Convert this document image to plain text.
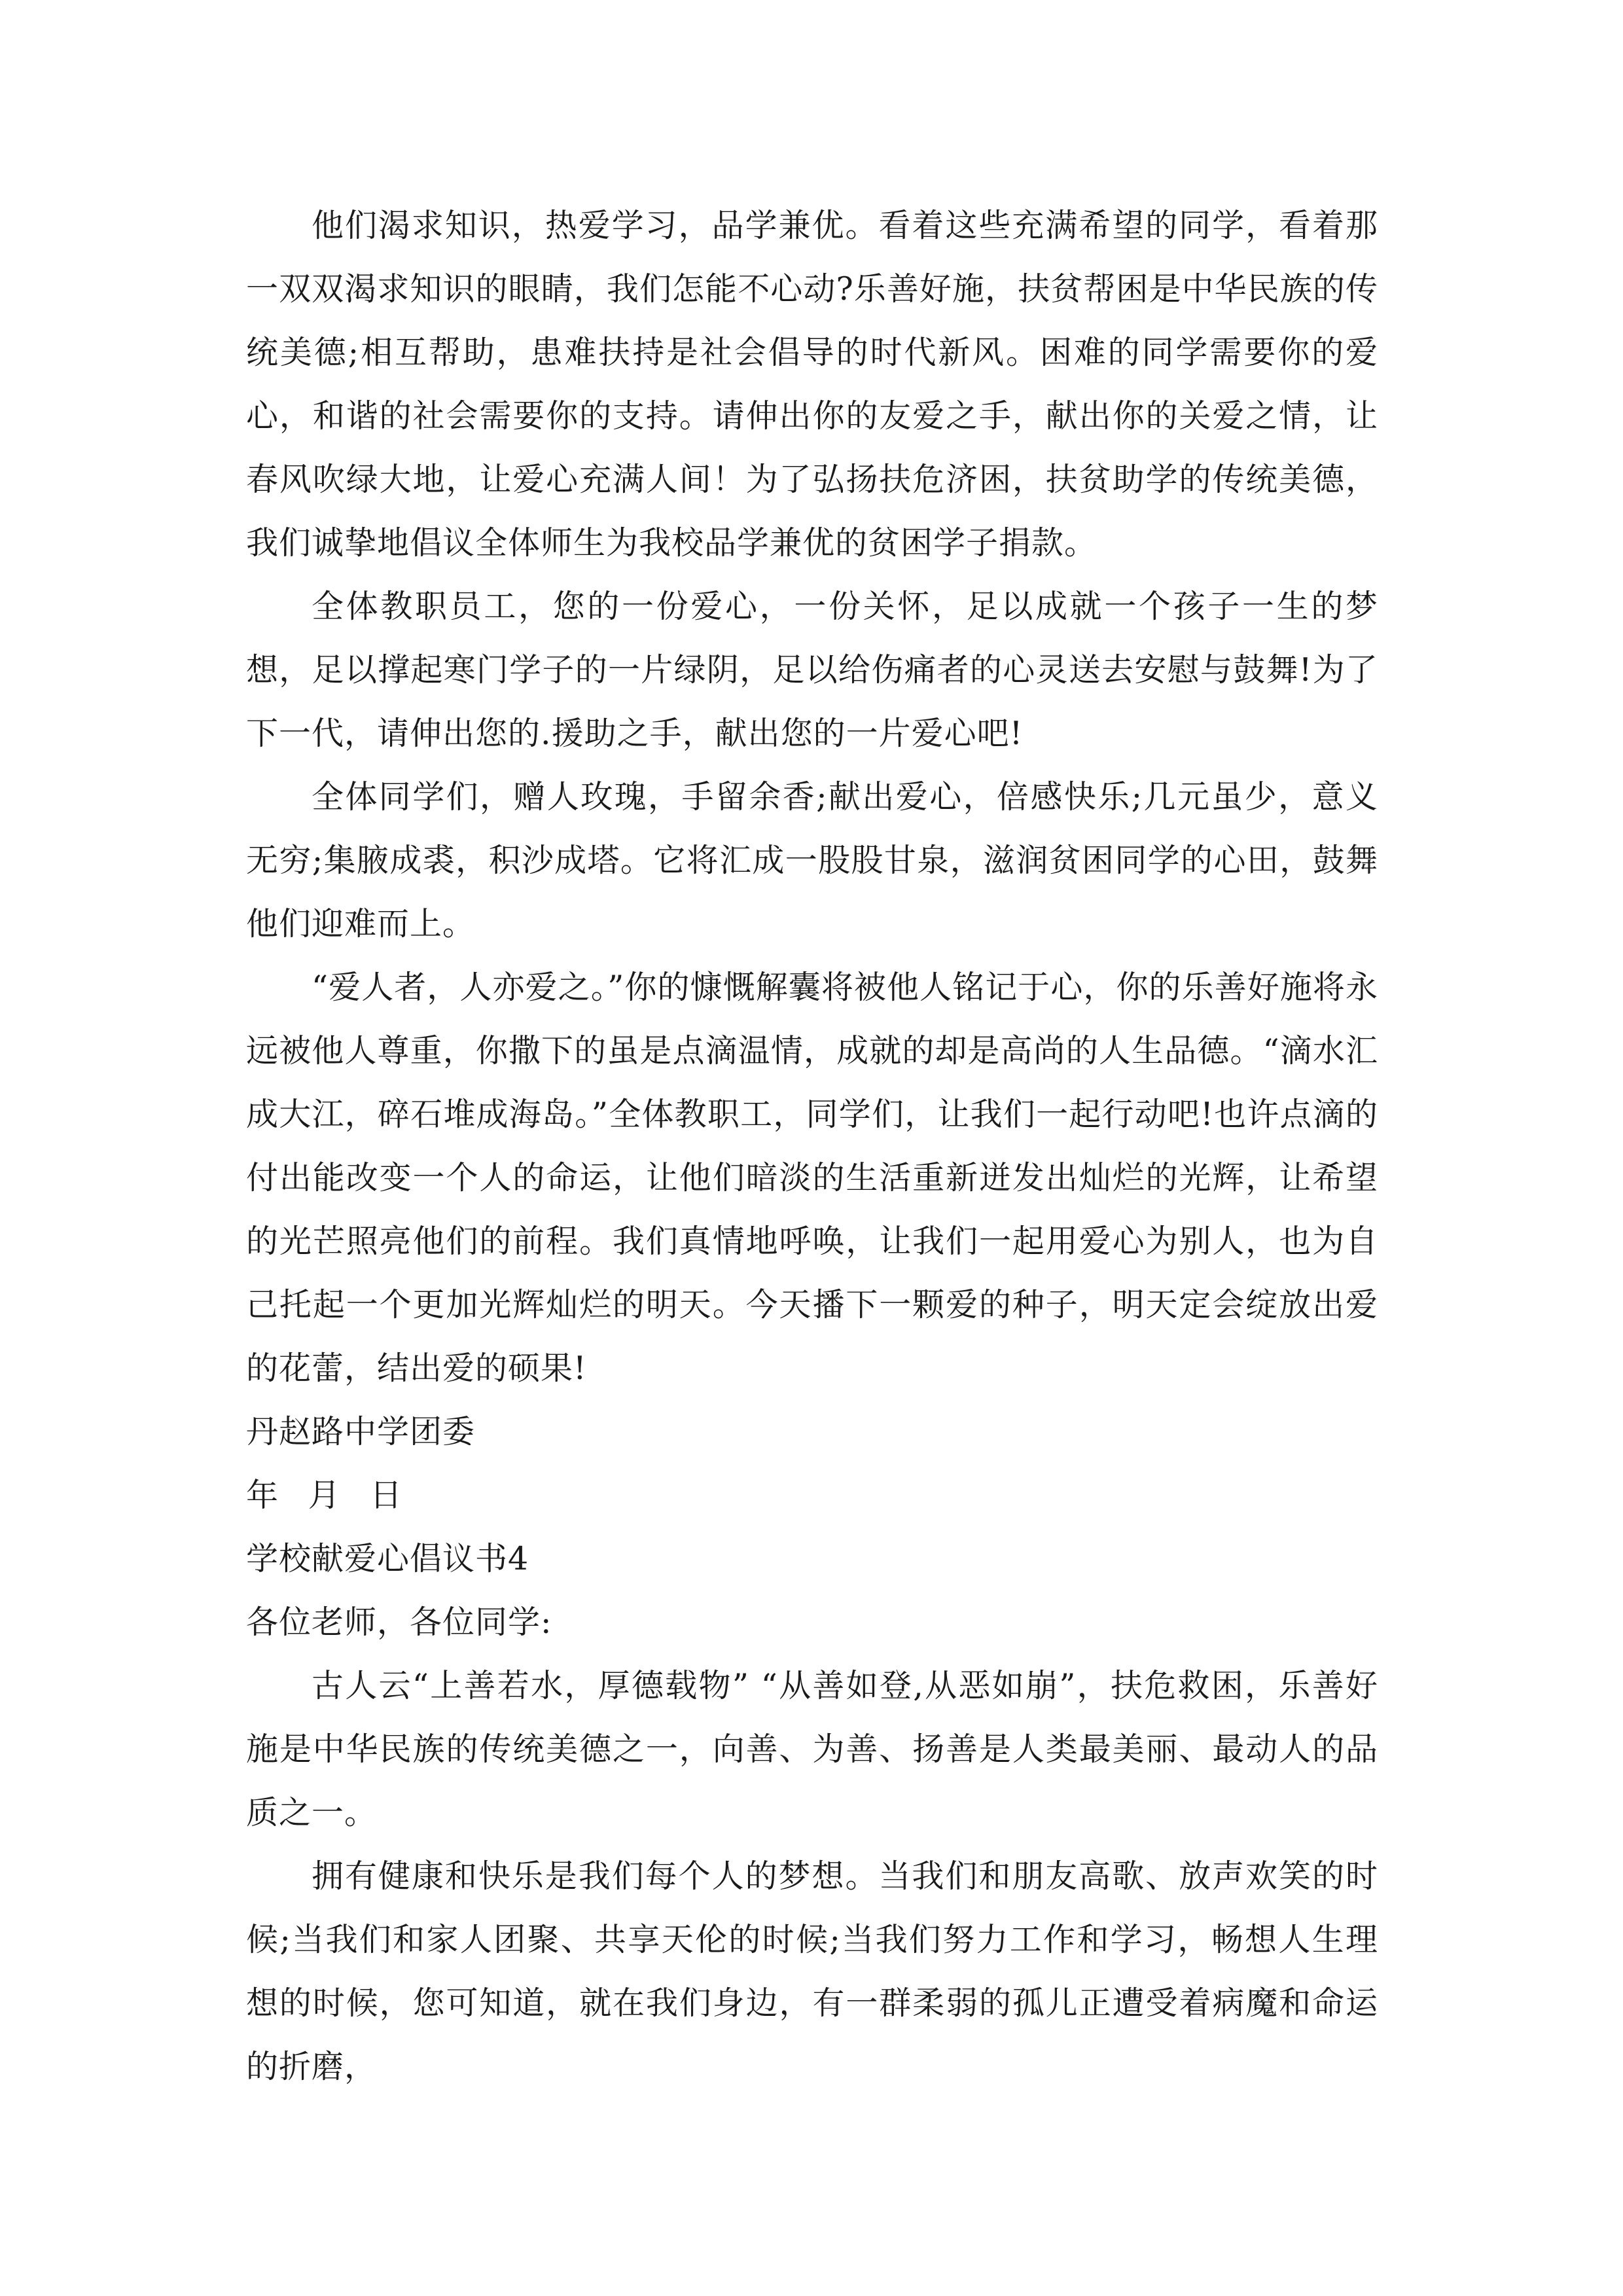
他们渴求知识，热爱学习，品学兼优。看着这些充满希望的同学，看着那一双双渴求知识的眼睛，我们怎能不心动?乐善好施，扶贫帮困是中华民族的传统美德;相互帮助，患难扶持是社会倡导的时代新风。困难的同学需要你的爱心，和谐的社会需要你的支持。请伸出你的友爱之手，献出你的关爱之情，让春风吹绿大地，让爱心充满人间！为了弘扬扶危济困，扶贫助学的传统美德，我们诚挚地倡议全体师生为我校品学兼优的贫困学子捐款。

全体教职员工，您的一份爱心，一份关怀，足以成就一个孩子一生的梦想，足以撑起寒门学子的一片绿阴，足以给伤痛者的心灵送去安慰与鼓舞!为了下一代，请伸出您的.援助之手，献出您的一片爱心吧!

全体同学们，赠人玫瑰，手留余香;献出爱心，倍感快乐;几元虽少，意义无穷;集腋成裘，积沙成塔。它将汇成一股股甘泉，滋润贫困同学的心田，鼓舞他们迎难而上。

“爱人者，人亦爱之。”你的慷慨解囊将被他人铭记于心，你的乐善好施将永远被他人尊重，你撒下的虽是点滴温情，成就的却是高尚的人生品德。“滴水汇成大江，碎石堆成海岛。”全体教职工，同学们，让我们一起行动吧!也许点滴的付出能改变一个人的命运，让他们暗淡的生活重新迸发出灿烂的光辉，让希望的光芒照亮他们的前程。我们真情地呼唤，让我们一起用爱心为别人，也为自己托起一个更加光辉灿烂的明天。今天播下一颗爱的种子，明天定会绽放出爱的花蕾，结出爱的硕果!

丹赵路中学团委

年 月 日

学校献爱心倡议书4

各位老师，各位同学:

古人云“上善若水，厚德载物” “从善如登,从恶如崩”，扶危救困，乐善好施是中华民族的传统美德之一，向善、为善、扬善是人类最美丽、最动人的品质之一。

拥有健康和快乐是我们每个人的梦想。当我们和朋友高歌、放声欢笑的时候;当我们和家人团聚、共享天伦的时候;当我们努力工作和学习，畅想人生理想的时候，您可知道，就在我们身边，有一群柔弱的孤儿正遭受着病魔和命运的折磨，
